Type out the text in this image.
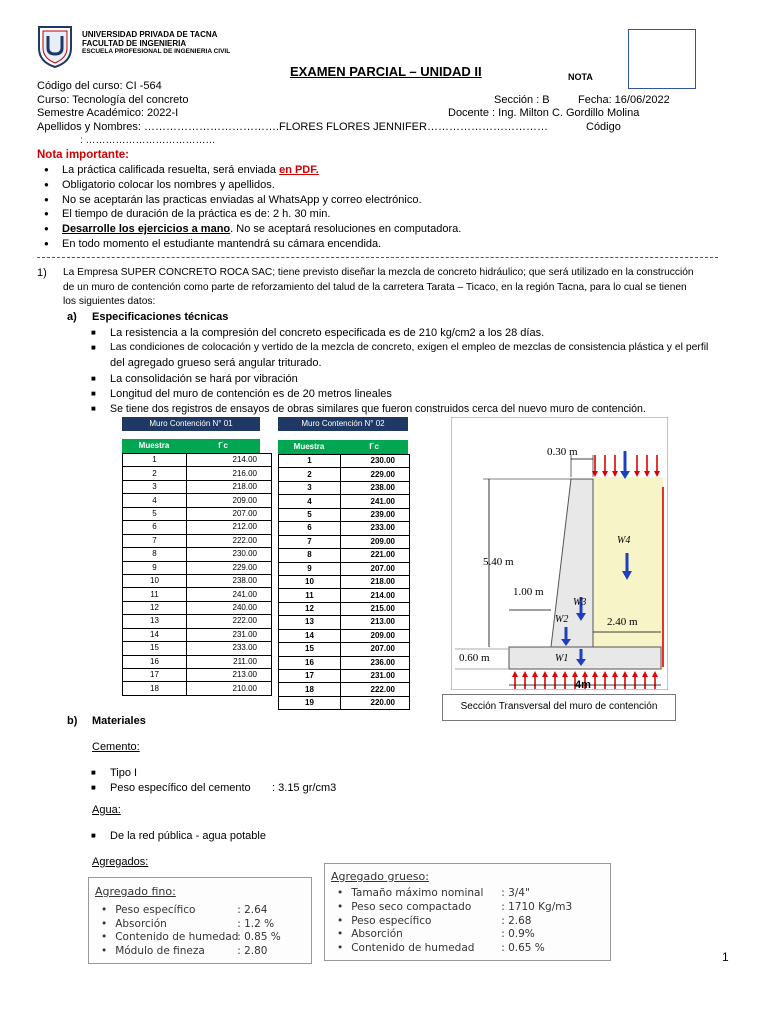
UNIVERSIDAD PRIVADA DE TACNA
FACULTAD DE INGENIERIA
ESCUELA PROFESIONAL DE INGENIERIA CIVIL
EXAMEN PARCIAL – UNIDAD II	NOTA
Código del curso: CI -564
Curso: Tecnología del concreto	Sección : B	Fecha: 16/06/2022
Semestre Académico: 2022-I	Docente : Ing. Milton C. Gordillo Molina
Apellidos y Nombres: ……………………………….FLORES FLORES JENNIFER……………………………	Código
: …………………………………
Nota importante:
● La práctica calificada resuelta, será enviada en PDF.
● Obligatorio colocar los nombres y apellidos.
● No se aceptarán las practicas enviadas al WhatsApp y correo electrónico.
● El tiempo de duración de la práctica es de: 2 h. 30 min.
● Desarrolle los ejercicios a mano. No se aceptará resoluciones en computadora.
● En todo momento el estudiante mantendrá su cámara encendida.
1) La Empresa SUPER CONCRETO ROCA SAC; tiene previsto diseñar la mezcla de concreto hidráulico; que será utilizado en la construcción
de un muro de contención como parte de reforzamiento del talud de la carretera Tarata – Ticaco, en la región Tacna, para lo cual se tienen
los siguientes datos:
a) Especificaciones técnicas
■ La resistencia a la compresión del concreto especificada es de 210 kg/cm2 a los 28 días.
■ Las condiciones de colocación y vertido de la mezcla de concreto, exigen el empleo de mezclas de consistencia plástica y el perfil
del agregado grueso será angular triturado.
■ La consolidación se hará por vibración
■ Longitud del muro de contención es de 20 metros lineales
■ Se tiene dos registros de ensayos de obras similares que fueron construidos cerca del nuevo muro de contención.
Muro Contención N° 01
Muestra	f´c
1	214.00
2	216.00
3	218.00
4	209.00
5	207.00
6	212.00
7	222.00
8	230.00
9	229.00
10	238.00
11	241.00
12	240.00
13	222.00
14	231.00
15	233.00
16	211.00
17	213.00
18	210.00
Muro Contención N° 02
Muestra	f´c
1	230.00
2	229.00
3	238.00
4	241.00
5	239.00
6	233.00
7	209.00
8	221.00
9	207.00
10	218.00
11	214.00
12	215.00
13	213.00
14	209.00
15	207.00
16	236.00
17	231.00
18	222.00
19	220.00
0.30 m
5.40 m
1.00 m
2.40 m
0.60 m
4m
W1
W2
W3
W4
Sección Transversal del muro de contención
b) Materiales
Cemento:
■ Tipo I
■ Peso específico del cemento       : 3.15 gr/cm3
Agua:
■ De la red pública - agua potable
Agregados:
Agregado fino:
• Peso específico	: 2.64
• Absorción	: 1.2 %
• Contenido de humedad: 0.85 %
• Módulo de fineza	: 2.80
Agregado grueso:
• Tamaño máximo nominal : 3/4"
• Peso seco compactado	: 1710 Kg/m3
• Peso específico	: 2.68
• Absorción	: 0.9%
• Contenido de humedad	: 0.65 %
1
